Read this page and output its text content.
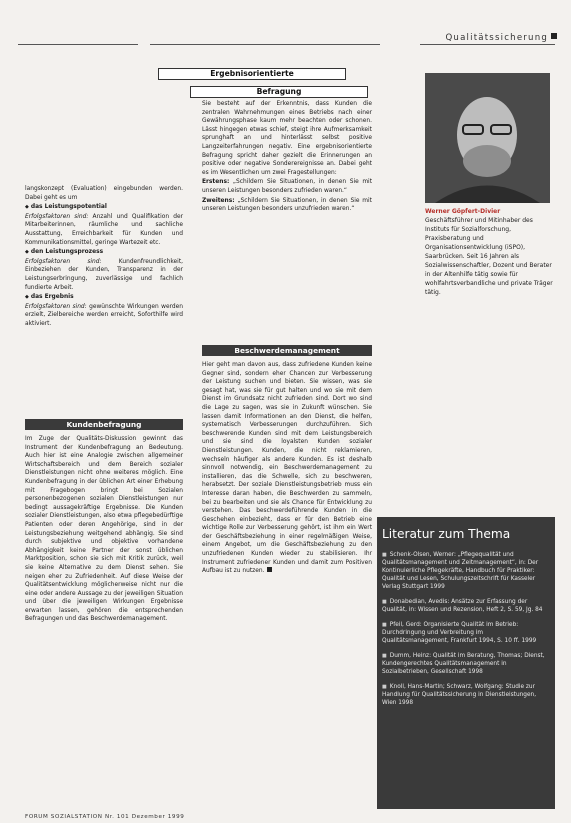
Qualitätssicherung

langskonzept (Evaluation) eingebunden werden. Dabei geht es um

◆ das Leistungspotential

Erfolgsfaktoren sind: Anzahl und Qualifikation der Mitarbeiterinnen, räumliche und sachliche Ausstattung, Erreichbarkeit für Kunden und Kommunikationsmittel, geringe Wartezeit etc.

◆ den Leistungsprozess

Erfolgsfaktoren sind:	Kundenfreundlichkeit, Einbeziehen der Kunden, Transparenz in der Leistungserbringung, zuverlässige und fachlich fundierte Arbeit.

◆ das Ergebnis

Erfolgsfaktoren sind: gewünschte Wirkungen werden erzielt, Zielbereiche werden erreicht, Soforthilfe wird aktiviert.

Kundenbefragung

Im Zuge der Qualitäts-Diskussion gewinnt das Instrument der Kundenbefragung an Bedeutung. Auch hier ist eine Analogie zwischen allgemeiner Wirtschaftsbereich und dem Bereich sozialer Dienstleistungen nicht ohne weiteres möglich. Eine Kundenbefragung in der üblichen Art einer Erhebung mit Fragebogen bringt bei Sozialen personenbezogenen sozialen Dienstleistungen nur bedingt aussagekräftige Ergebnisse. Die Kunden sozialer Dienstleistungen, also etwa pflegebedürftige Patienten oder deren Angehörige, sind in der Leistungsbeziehung weitgehend abhängig. Sie sind durch subjektive und objektive vorhandene Abhängigkeit keine Partner der sonst üblichen Marktposition, schon sie sich mit Kritik zurück, weil sie keine Alternative zu dem Dienst sehen. Sie neigen eher zu Zufriedenheit. Auf diese Weise der Qualitätsentwicklung möglicherweise nicht nur die eine oder andere Aussage zu der jeweiligen Situation und über die jeweiligen Wirkungen Ergebnisse erwarten lassen, gehören die entsprechenden Befragungen und das Beschwerdemanagement.

Ergebnisorientierte
Befragung

Sie besteht auf der Erkenntnis, dass Kunden die zentralen Wahrnehmungen eines Betriebs nach einer Gewährungsphase kaum mehr beachten oder schonen. Lässt hingegen etwas schief, steigt ihre Aufmerksamkeit sprunghaft an und hinterlässt selbst positive Langzeiterfahrungen negativ. Eine ergebnisorientierte Befragung spricht daher gezielt die Erinnerungen an positive oder negative Sonderereignisse an. Dabei geht es im Wesentlichen um zwei Fragestellungen:

Erstens: „Schildern Sie Situationen, in denen Sie mit unseren Leistungen besonders zufrieden waren.“

Zweitens: „Schildern Sie Situationen, in denen Sie mit unseren Leistungen besonders unzufrieden waren.“

Beschwerdemanagement

Hier geht man davon aus, dass zufriedene Kunden keine Gegner sind, sondern eher Chancen zur Verbesserung der Leistung suchen und bieten. Sie wissen, was sie gesagt hat, was sie für gut halten und wo sie mit dem Dienst im Grundsatz nicht zufrieden sind. Dort wo sind die Lage zu sagen, was sie in Zukunft wünschen. Sie lassen damit Informationen an den Dienst, die helfen, systematisch Verbesserungen durchzuführen. Sich beschwerende Kunden sind mit dem Leistungsbereich und sie sind die loyalsten Kunden sozialer Dienstleistungen. Kunden, die nicht reklamieren, wechseln häufiger als andere Kunden. Es ist deshalb sinnvoll notwendig, ein Beschwerdemanagement zu installieren, das die Schwelle, sich zu beschweren, herabsetzt. Der soziale Dienstleistungsbetrieb muss ein Interesse daran haben, die Beschwerden zu sammeln, bei zu bearbeiten und sie als Chance für Entwicklung zu verstehen. Das beschwerdeführende Kunden in die Geschehen einbezieht, dass er für den Betrieb eine wichtige Rolle zur Verbesserung gehört, ist ihm ein Wert der Geschäftsbeziehung in einer regelmäßigen Weise, einem Angebot, um die Geschäftsbeziehung zu den unzufriedenen Kunden wieder zu stabilisieren. Ihr Instrument zufriedener Kunden und damit zum Positiven Aufbau ist zu nutzen.

Werner Göpfert-Divier
Geschäftsführer und Mitinhaber des Instituts für Sozialforschung, Praxisberatung und Organisationsentwicklung (iSPO), Saarbrücken. Seit 16 Jahren als Sozialwissenschaftler, Dozent und Berater in der Altenhilfe tätig sowie für wohlfahrtsverbandliche und private Träger tätig.
Literatur zum Thema
■ Schenk-Olsen, Werner: „Pflegequalität und Qualitätsmanagement und Zeitmanagement“, in: Der Kontinuierliche Pflegekräfte, Handbuch für Praktiker: Qualität und Lesen, Schulungszeitschrift für Kasseler Verlag Stuttgart 1999
■ Donabedian, Avedis: Ansätze zur Erfassung der Qualität, in: Wissen und Rezension, Heft 2, S. 59, Jg. 84
■ Pfeil, Gerd: Organisierte Qualität im Betrieb: Durchdringung und Verbreitung im Qualitätsmanagement, Frankfurt 1994, S. 10 ff. 1999
■ Dumm, Heinz: Qualität im Beratung, Thomas; Dienst, Kundengerechtes Qualitätsmanagement in Sozialbetrieben, Gesellschaft 1998
■ Knoll, Hans-Martin; Schwarz, Wolfgang: Studie zur Handlung für Qualitätssicherung in Dienstleistungen, Wien 1998
FORUM SOZIALSTATION Nr. 101 Dezember 1999
